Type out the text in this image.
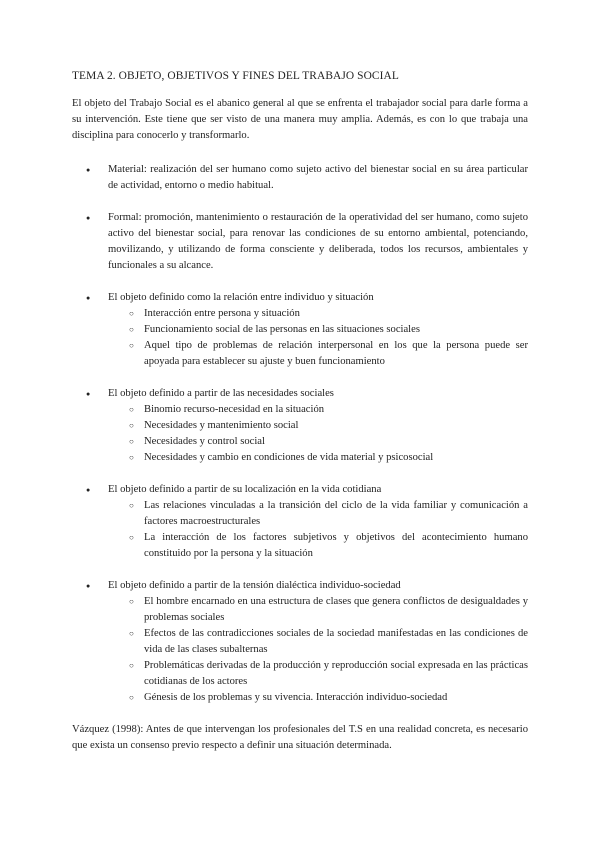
TEMA 2. OBJETO, OBJETIVOS Y FINES DEL TRABAJO SOCIAL

El objeto del Trabajo Social es el abanico general al que se enfrenta el trabajador social para darle forma a su intervención. Este tiene que ser visto de una manera muy amplia. Además, es con lo que trabaja una disciplina para conocerlo y transformarlo.

● Material: realización del ser humano como sujeto activo del bienestar social en su área particular de actividad, entorno o medio habitual.
● Formal: promoción, mantenimiento o restauración de la operatividad del ser humano, como sujeto activo del bienestar social, para renovar las condiciones de su entorno ambiental, potenciando, movilizando, y utilizando de forma consciente y deliberada, todos los recursos, ambientales y funcionales a su alcance.
● El objeto definido como la relación entre individuo y situación
○ Interacción entre persona y situación
○ Funcionamiento social de las personas en las situaciones sociales
○ Aquel tipo de problemas de relación interpersonal en los que la persona puede ser apoyada para establecer su ajuste y buen funcionamiento
● El objeto definido a partir de las necesidades sociales
○ Binomio recurso-necesidad en la situación
○ Necesidades y mantenimiento social
○ Necesidades y control social
○ Necesidades y cambio en condiciones de vida material y psicosocial
● El objeto definido a partir de su localización en la vida cotidiana
○ Las relaciones vinculadas a la transición del ciclo de la vida familiar y comunicación a factores macroestructurales
○ La interacción de los factores subjetivos y objetivos del acontecimiento humano constituido por la persona y la situación
● El objeto definido a partir de la tensión dialéctica individuo-sociedad
○ El hombre encarnado en una estructura de clases que genera conflictos de desigualdades y problemas sociales
○ Efectos de las contradicciones sociales de la sociedad manifestadas en las condiciones de vida de las clases subalternas
○ Problemáticas derivadas de la producción y reproducción social expresada en las prácticas cotidianas de los actores
○ Génesis de los problemas y su vivencia. Interacción individuo-sociedad

Vázquez (1998): Antes de que intervengan los profesionales del T.S en una realidad concreta, es necesario que exista un consenso previo respecto a definir una situación determinada.
